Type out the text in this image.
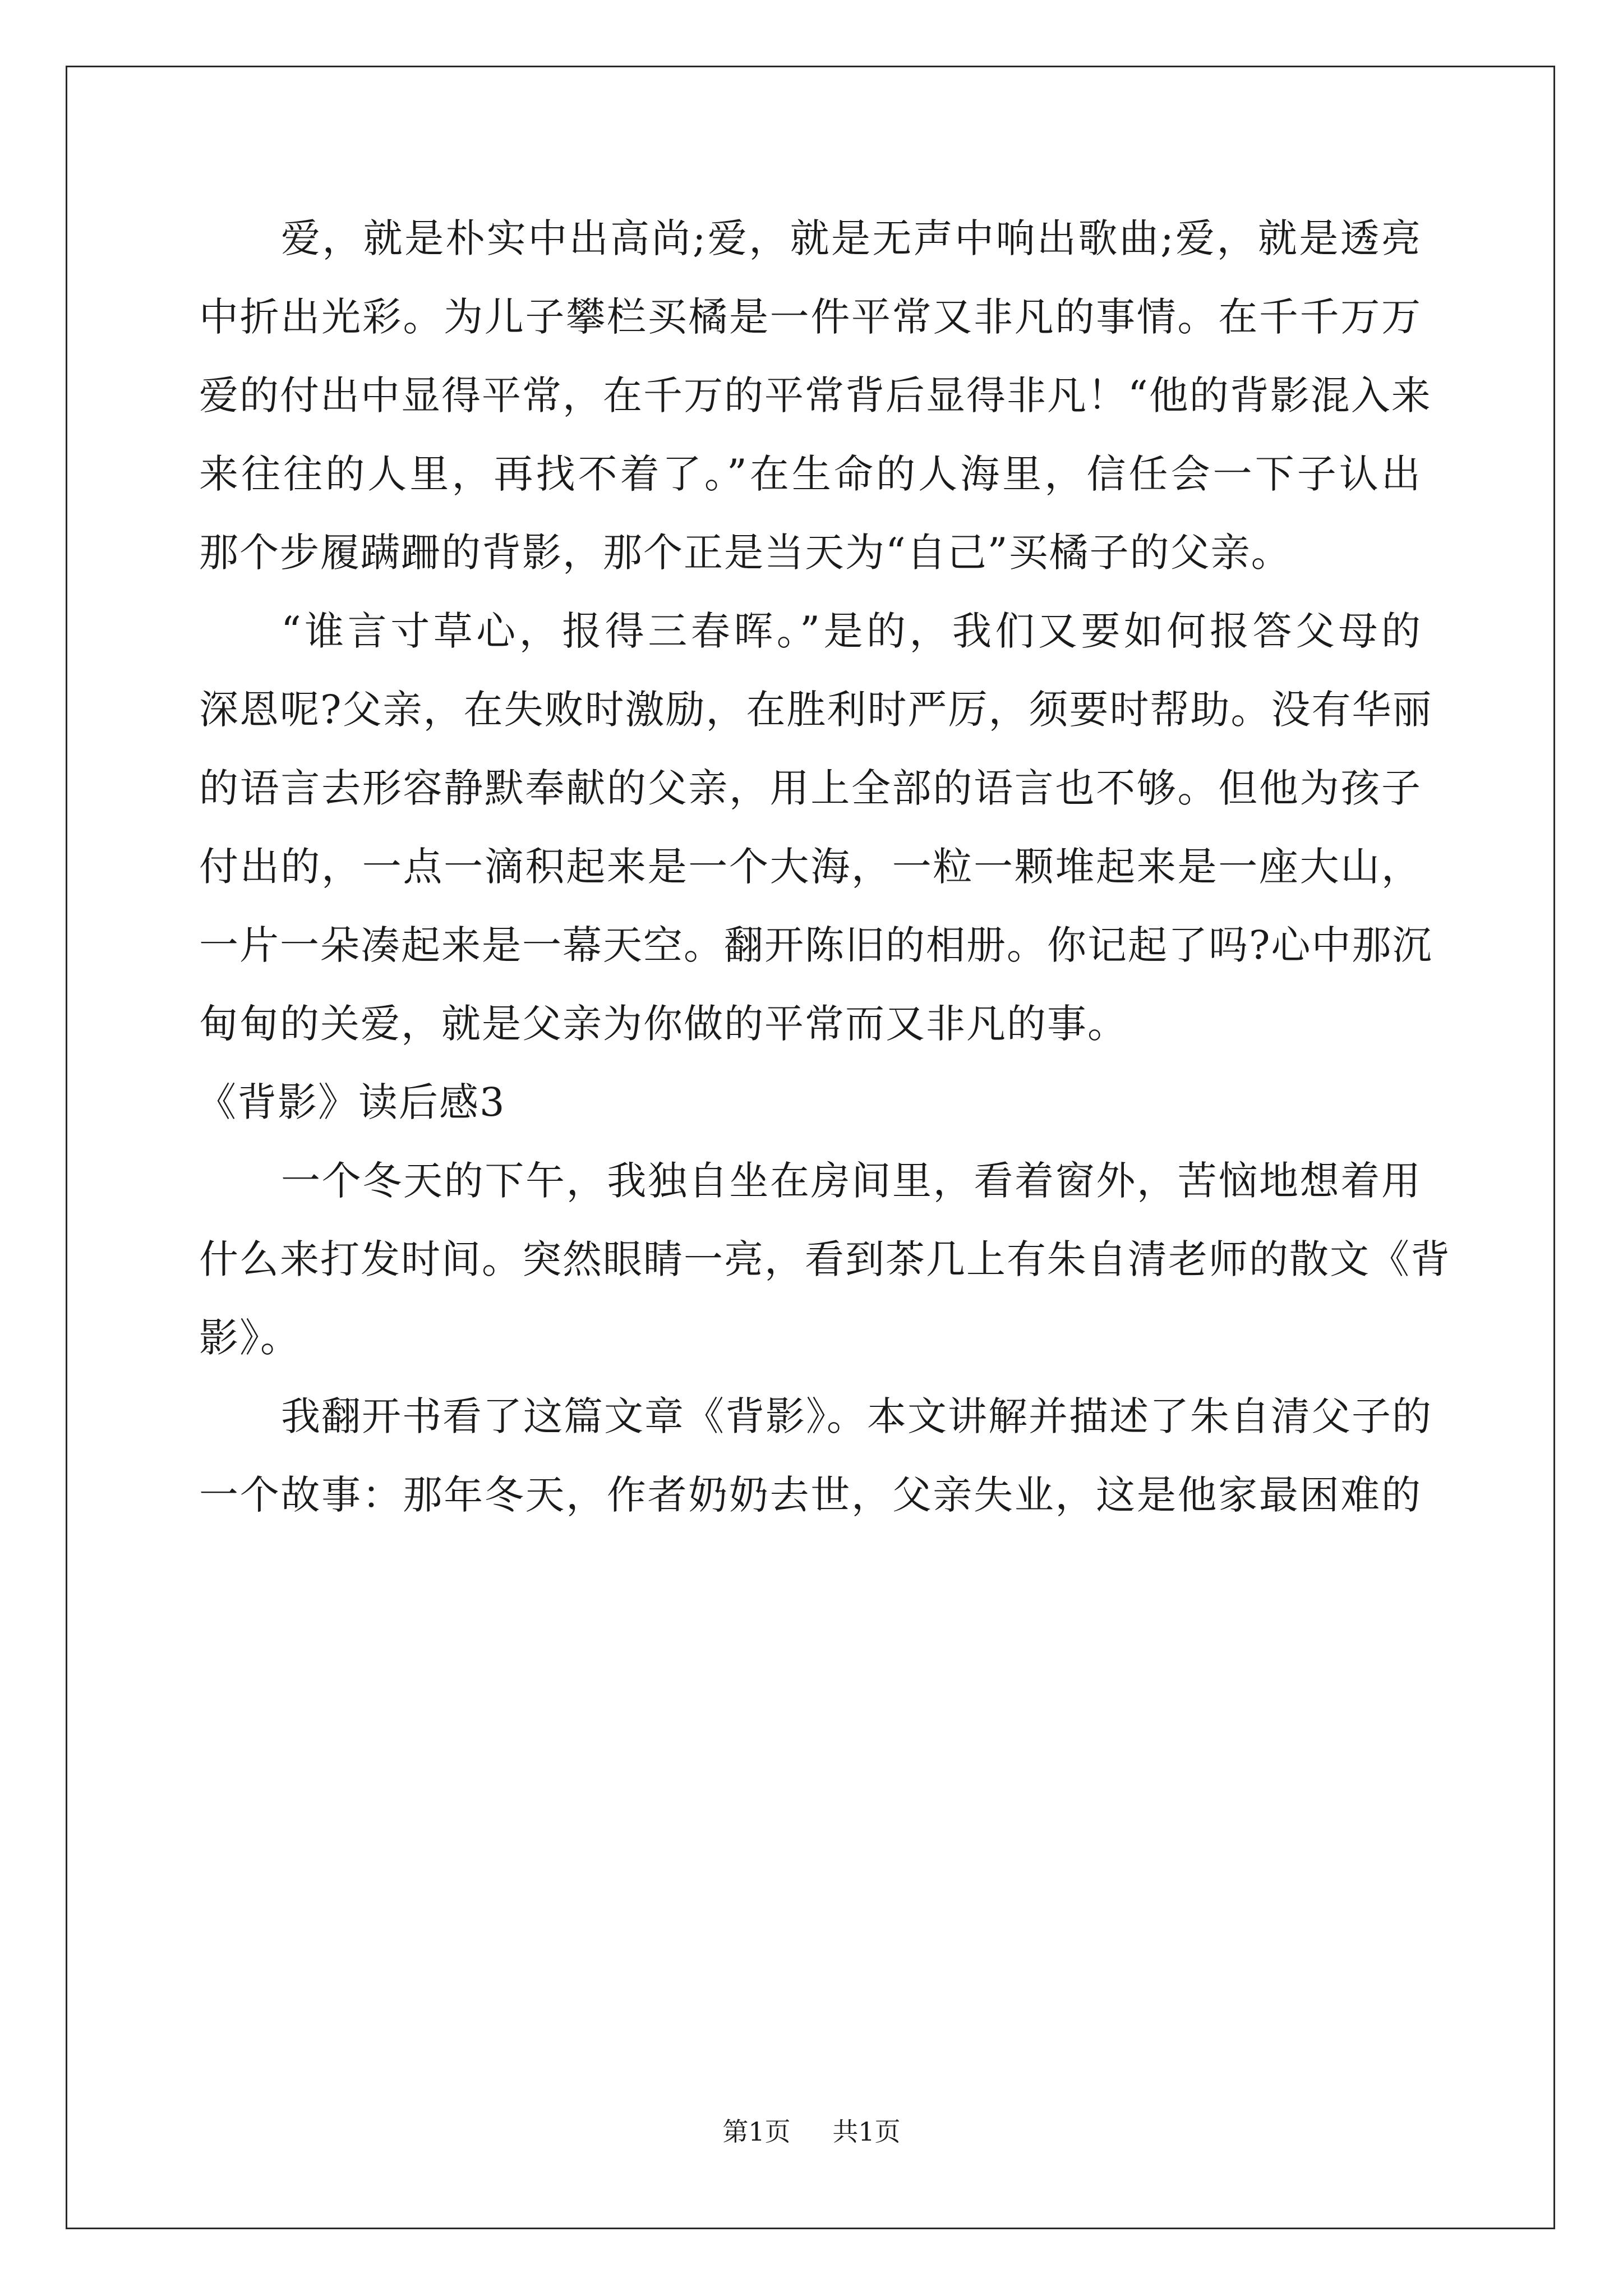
爱，就是朴实中出高尚;爱，就是无声中响出歌曲;爱，就是透亮
中折出光彩。为儿子攀栏买橘是一件平常又非凡的事情。在千千万万
爱的付出中显得平常，在千万的平常背后显得非凡！“他的背影混入来
来往往的人里，再找不着了。”在生命的人海里，信任会一下子认出
那个步履蹒跚的背影，那个正是当天为“自己”买橘子的父亲。
“谁言寸草心，报得三春晖。”是的，我们又要如何报答父母的
深恩呢?父亲，在失败时激励，在胜利时严厉，须要时帮助。没有华丽
的语言去形容静默奉献的父亲，用上全部的语言也不够。但他为孩子
付出的，一点一滴积起来是一个大海，一粒一颗堆起来是一座大山，
一片一朵凑起来是一幕天空。翻开陈旧的相册。你记起了吗?心中那沉
甸甸的关爱，就是父亲为你做的平常而又非凡的事。
《背影》读后感3
一个冬天的下午，我独自坐在房间里，看着窗外，苦恼地想着用
什么来打发时间。突然眼睛一亮，看到茶几上有朱自清老师的散文《背
影》。
我翻开书看了这篇文章《背影》。本文讲解并描述了朱自清父子的
一个故事：那年冬天，作者奶奶去世，父亲失业，这是他家最困难的
第1页 共1页
